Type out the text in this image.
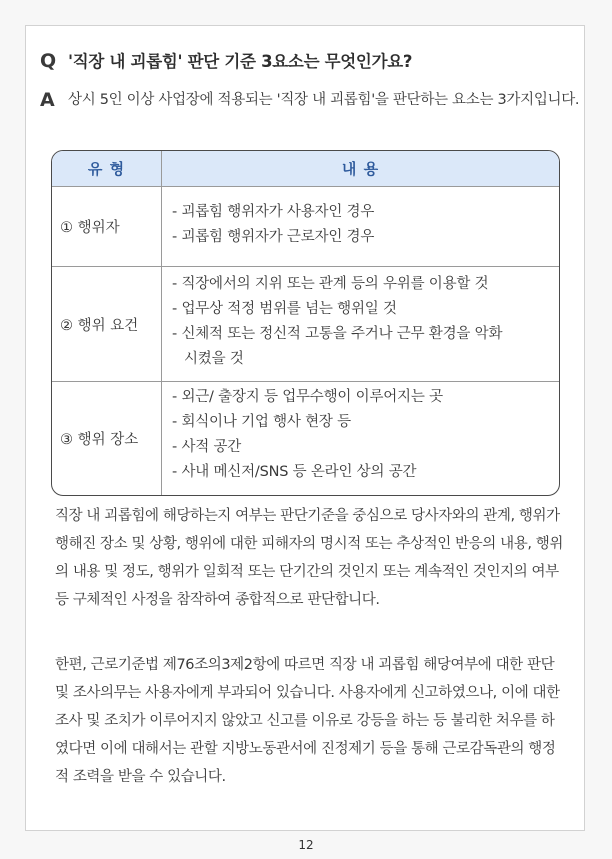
Q '직장 내 괴롭힘' 판단 기준 3요소는 무엇인가요?
A 상시 5인 이상 사업장에 적용되는 '직장 내 괴롭힘'을 판단하는 요소는 3가지입니다.
유 형	내 용
① 행위자
- 괴롭힘 행위자가 사용자인 경우
- 괴롭힘 행위자가 근로자인 경우
② 행위 요건
- 직장에서의 지위 또는 관계 등의 우위를 이용할 것
- 업무상 적정 범위를 넘는 행위일 것
- 신체적 또는 정신적 고통을 주거나 근무 환경을 악화
시켰을 것
③ 행위 장소
- 외근/ 출장지 등 업무수행이 이루어지는 곳
- 회식이나 기업 행사 현장 등
- 사적 공간
- 사내 메신저/SNS 등 온라인 상의 공간

직장 내 괴롭힘에 해당하는지 여부는 판단기준을 중심으로 당사자와의 관계, 행위가 행해진 장소 및 상황, 행위에 대한 피해자의 명시적 또는 추상적인 반응의 내용, 행위의 내용 및 정도, 행위가 일회적 또는 단기간의 것인지 또는 계속적인 것인지의 여부 등 구체적인 사정을 참작하여 종합적으로 판단합니다.

한편, 근로기준법 제76조의3제2항에 따르면 직장 내 괴롭힘 해당여부에 대한 판단 및 조사의무는 사용자에게 부과되어 있습니다. 사용자에게 신고하였으나, 이에 대한 조사 및 조치가 이루어지지 않았고 신고를 이유로 강등을 하는 등 불리한 처우를 하였다면 이에 대해서는 관할 지방노동관서에 진정제기 등을 통해 근로감독관의 행정적 조력을 받을 수 있습니다.

12
